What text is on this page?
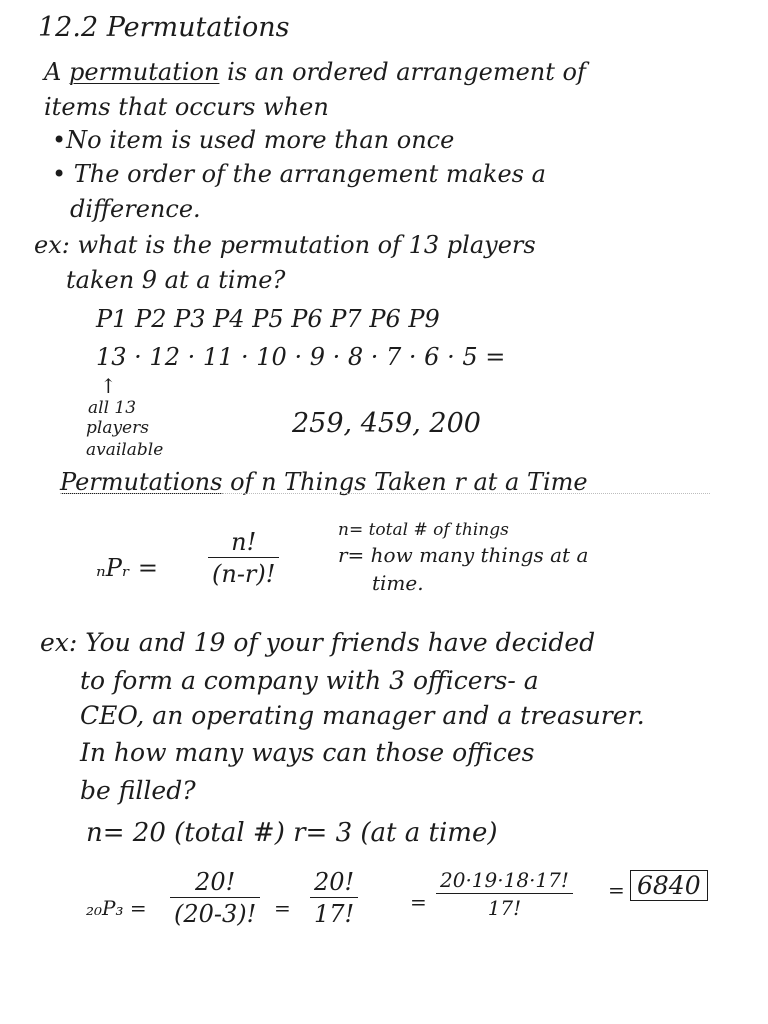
12.2 Permutations
A permutation is an ordered arrangement of
items that occurs when
•No item is used more than once
• The order of the arrangement makes a
difference.
ex: what is the permutation of 13 players
taken 9 at a time?
P1 P2 P3 P4 P5 P6 P7 P6 P9
13 · 12 · 11 · 10 · 9 · 8 · 7 · 6 · 5 =
↑
all 13
players
available
259, 459, 200
Permutations of n Things Taken r at a Time
ₙPᵣ =
n!
(n-r)!
n= total # of things
r= how many things at a
time.
ex: You and 19 of your friends have decided
to form a company with 3 officers- a
CEO, an operating manager and a treasurer.
In how many ways can those offices
be filled?
n= 20 (total #) r= 3 (at a time)
₂₀P₃ =
20!
(20-3)! =
20!
17!	=
20·19·18·17!
17!
= 6840
